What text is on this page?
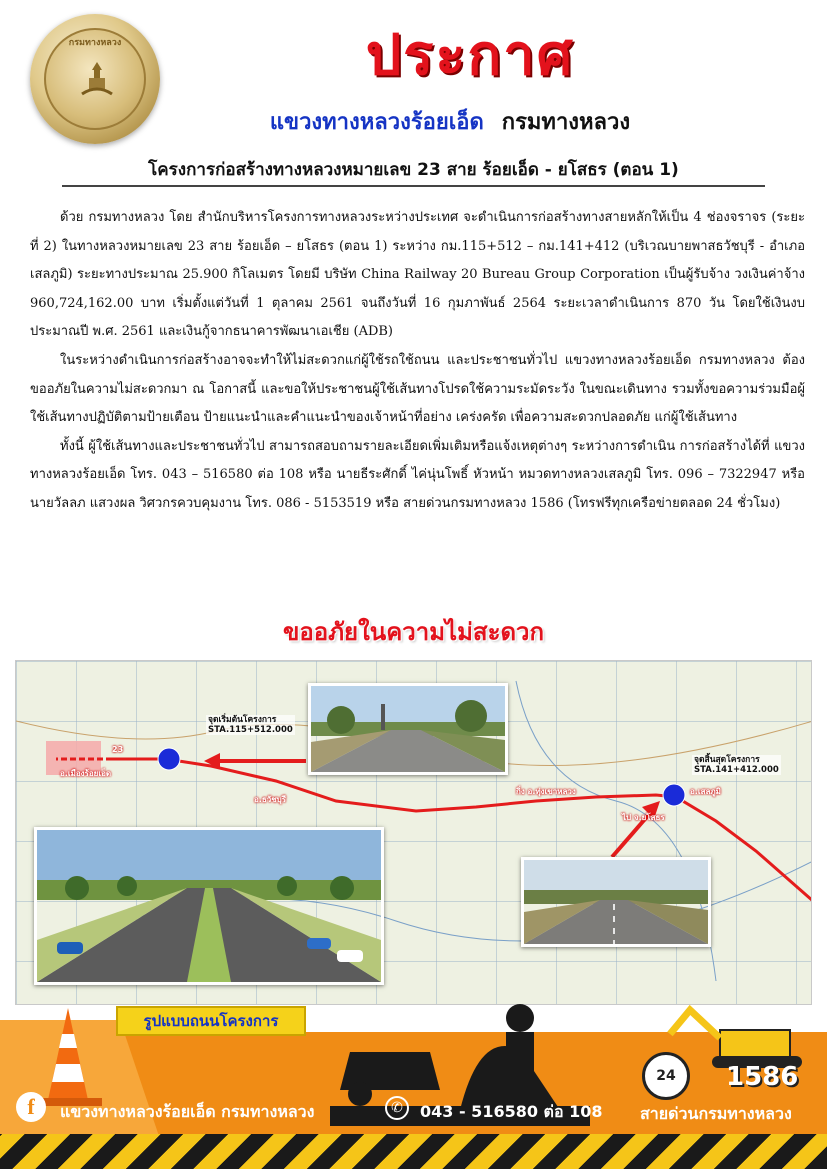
กรมทางหลวง	ประกาศ
แขวงทางหลวงร้อยเอ็ด กรมทางหลวง
โครงการก่อสร้างทางหลวงหมายเลข 23 สาย ร้อยเอ็ด - ยโสธร (ตอน 1)

ด้วย กรมทางหลวง โดย สำนักบริหารโครงการทางหลวงระหว่างประเทศ จะดำเนินการก่อสร้างทางสายหลักให้เป็น 4 ช่องจราจร (ระยะที่ 2) ในทางหลวงหมายเลข 23 สาย ร้อยเอ็ด – ยโสธร (ตอน 1) ระหว่าง กม.115+512 – กม.141+412 (บริเวณบายพาสธวัชบุรี - อำเภอเสลภูมิ) ระยะทางประมาณ 25.900 กิโลเมตร โดยมี บริษัท China Railway 20 Bureau Group Corporation เป็นผู้รับจ้าง วงเงินค่าจ้าง 960,724,162.00 บาท เริ่มตั้งแต่วันที่ 1 ตุลาคม 2561 จนถึงวันที่ 16 กุมภาพันธ์ 2564 ระยะเวลาดำเนินการ 870 วัน โดยใช้เงินงบประมาณปี พ.ศ. 2561 และเงินกู้จากธนาคารพัฒนาเอเชีย (ADB)

ในระหว่างดำเนินการก่อสร้างอาจจะทำให้ไม่สะดวกแก่ผู้ใช้รถใช้ถนน และประชาชนทั่วไป แขวงทางหลวงร้อยเอ็ด กรมทางหลวง ต้องขออภัยในความไม่สะดวกมา ณ โอกาสนี้ และขอให้ประชาชนผู้ใช้เส้นทางโปรดใช้ความระมัดระวัง ในขณะเดินทาง รวมทั้งขอความร่วมมือผู้ใช้เส้นทางปฏิบัติตามป้ายเตือน ป้ายแนะนำและคำแนะนำของเจ้าหน้าที่อย่าง เคร่งครัด เพื่อความสะดวกปลอดภัย แก่ผู้ใช้เส้นทาง

ทั้งนี้ ผู้ใช้เส้นทางและประชาชนทั่วไป สามารถสอบถามรายละเอียดเพิ่มเติมหรือแจ้งเหตุต่างๆ ระหว่างการดำเนิน การก่อสร้างได้ที่ แขวงทางหลวงร้อยเอ็ด โทร. 043 – 516580 ต่อ 108 หรือ นายธีระศักดิ์ ไค่นุ่นโพธิ์ หัวหน้า หมวดทางหลวงเสลภูมิ โทร. 096 – 7322947 หรือ นายวัลลภ แสวงผล วิศวกรควบคุมงาน โทร. 086 - 5153519 หรือ สายด่วนกรมทางหลวง 1586 (โทรฟรีทุกเครือข่ายตลอด 24 ชั่วโมง)

ขออภัยในความไม่สะดวก
จุดเริ่มต้นโครงการ
STA.115+512.000
จุดสิ้นสุดโครงการ
STA.141+412.000
อ.เมืองร้อยเอ็ด
23
อ.ธวัชบุรี
กิ่ง อ.ทุ่งเขาหลวง	อ.เสลภูมิ
ไป จ.ยโสธร
รูปแบบถนนโครงการ
f	แขวงทางหลวงร้อยเอ็ด กรมทางหลวง	✆	043 - 516580 ต่อ 108
24	1586
สายด่วนกรมทางหลวง
